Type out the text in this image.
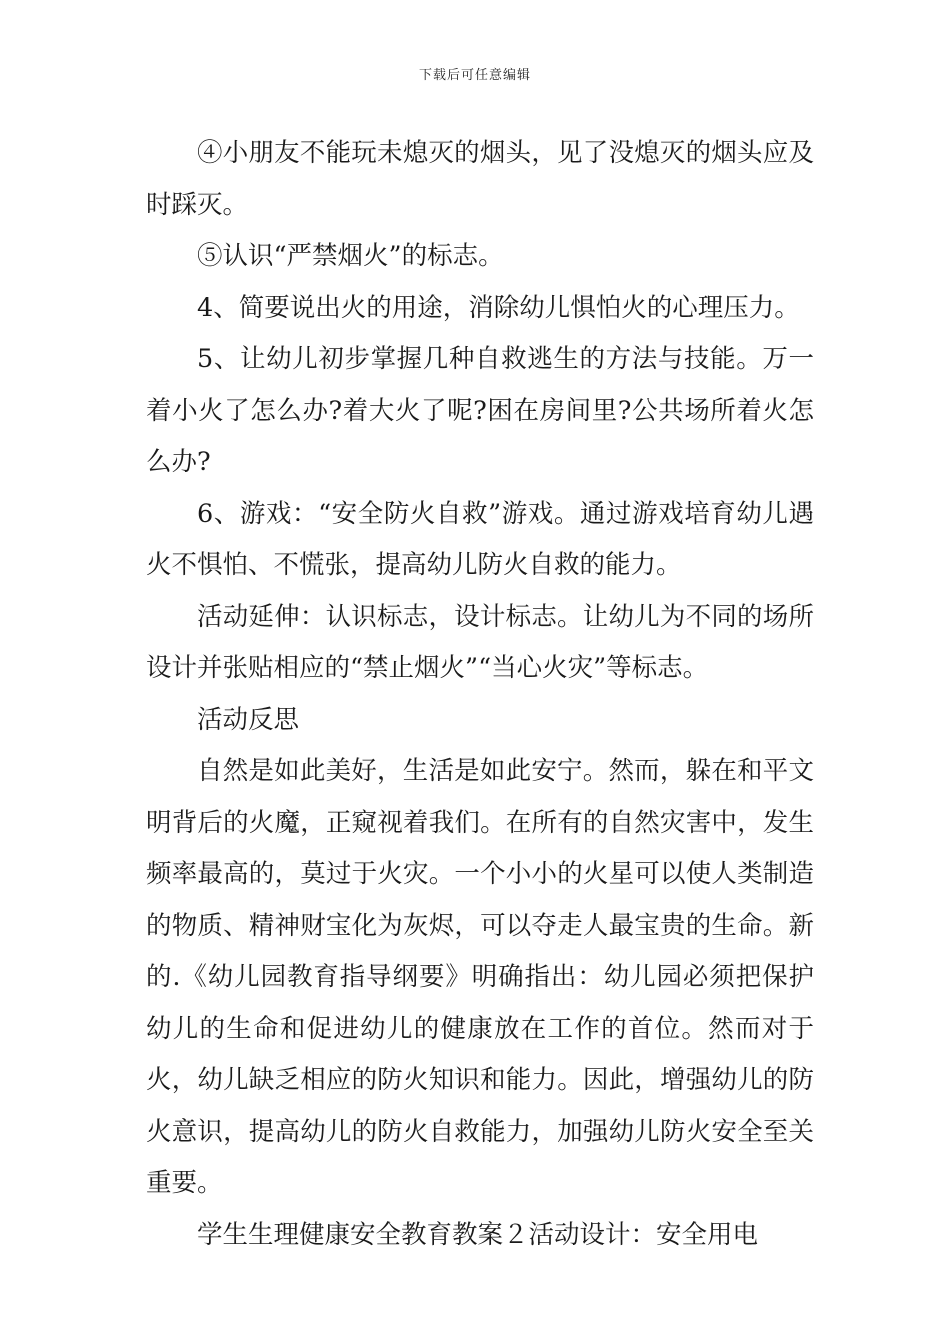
下载后可任意编辑

④小朋友不能玩未熄灭的烟头，见了没熄灭的烟头应及时踩灭。

⑤认识“严禁烟火”的标志。

4、简要说出火的用途，消除幼儿惧怕火的心理压力。

5、让幼儿初步掌握几种自救逃生的方法与技能。万一着小火了怎么办?着大火了呢?困在房间里?公共场所着火怎么办?

6、游戏：“安全防火自救”游戏。通过游戏培育幼儿遇火不惧怕、不慌张，提高幼儿防火自救的能力。

活动延伸：认识标志，设计标志。让幼儿为不同的场所设计并张贴相应的“禁止烟火”“当心火灾”等标志。

活动反思

自然是如此美好，生活是如此安宁。然而，躲在和平文明背后的火魔，正窥视着我们。在所有的自然灾害中，发生频率最高的，莫过于火灾。一个小小的火星可以使人类制造的物质、精神财宝化为灰烬，可以夺走人最宝贵的生命。新的.《幼儿园教育指导纲要》明确指出：幼儿园必须把保护幼儿的生命和促进幼儿的健康放在工作的首位。然而对于火，幼儿缺乏相应的防火知识和能力。因此，增强幼儿的防火意识，提高幼儿的防火自救能力，加强幼儿防火安全至关重要。

学生生理健康安全教育教案２活动设计：安全用电
